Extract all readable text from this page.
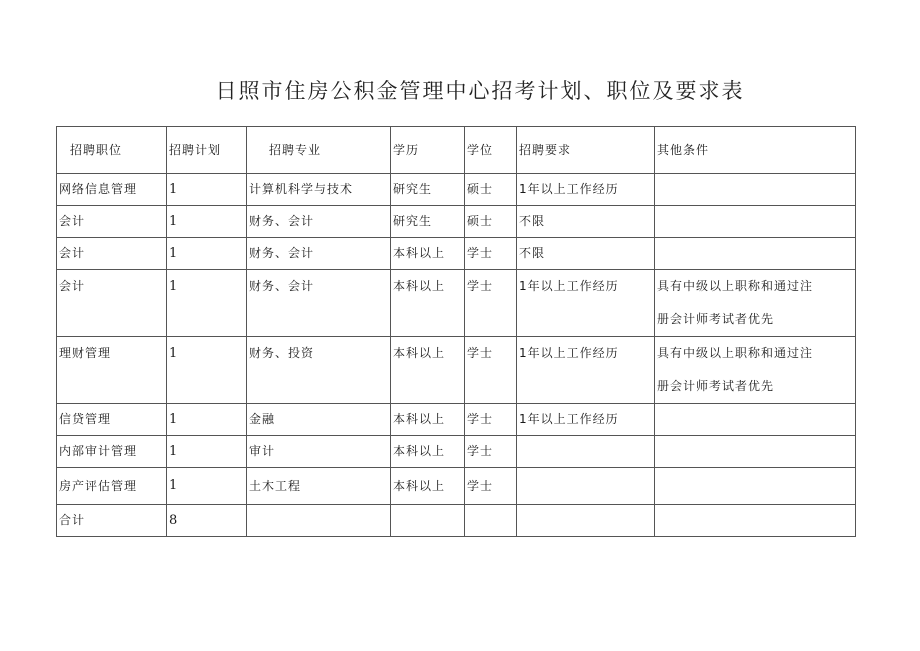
日照市住房公积金管理中心招考计划、职位及要求表
招聘职位	招聘计划	招聘专业	学历	学位	招聘要求	其他条件
网络信息管理	1	计算机科学与技术	研究生	硕士	1年以上工作经历	
会计	1	财务、会计	研究生	硕士	不限	
会计	1	财务、会计	本科以上	学士	不限	
会计	1	财务、会计	本科以上	学士	1年以上工作经历	具有中级以上职称和通过注
册会计师考试者优先

理财管理	1	财务、投资	本科以上	学士	1年以上工作经历	具有中级以上职称和通过注
册会计师考试者优先

信贷管理	1	金融	本科以上	学士	1年以上工作经历	
内部审计管理	1	审计	本科以上	学士		
房产评估管理	1	土木工程	本科以上	学士		
合计	8					
